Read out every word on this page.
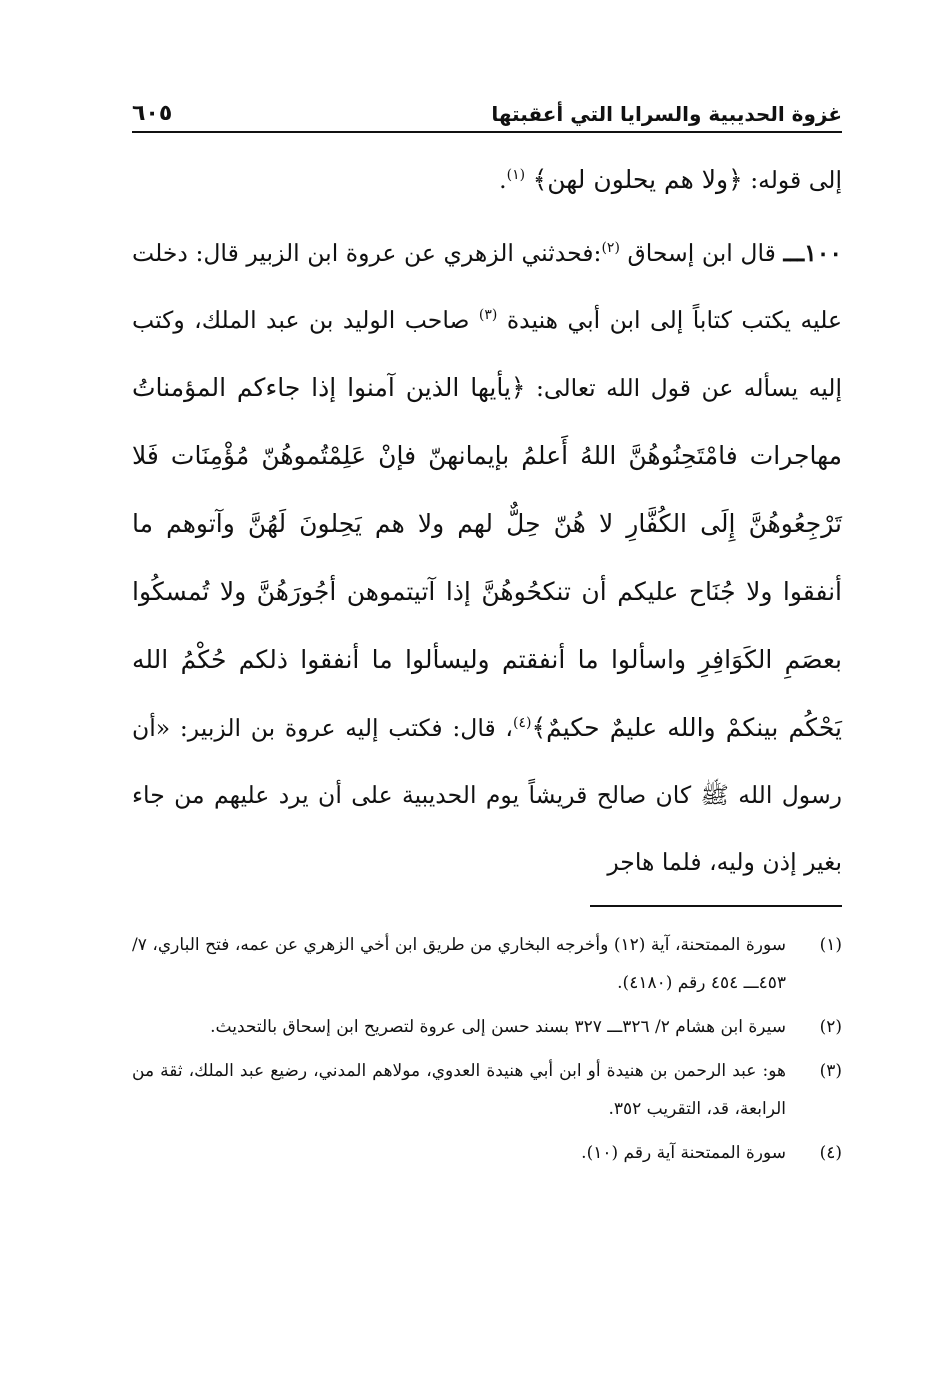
غزوة الحديبية والسرايا التي أعقبتها
٦٠٥

إلى قوله: ﴿ولا هم يحلون لهن﴾ $^{(١)}$.

١٠٠ـــ قال ابن إسحاق $^{(٢)}$:فحدثني الزهري عن عروة ابن الزبير قال: دخلت عليه يكتب كتاباً إلى ابن أبي هنيدة $^{(٣)}$ صاحب الوليد بن عبد الملك، وكتب إليه يسأله عن قول الله تعالى: ﴿يأيها الذين آمنوا إذا جاءكم المؤمناتُ مهاجرات فامْتَحِنُوهُنَّ اللهُ أَعلمُ بإيمانهنّ فإنْ عَلِمْتُموهُنّ مُؤْمِنَات فَلا تَرْجِعُوهُنَّ إِلَى الكُفَّارِ لا هُنّ حِلٌّ لهم ولا هم يَحِلونَ لَهُنَّ وآتوهم ما أنفقوا ولا جُنَاح عليكم أن تنكحُوهُنَّ إذا آتيتموهن أجُورَهُنَّ ولا تُمسكُوا بعصَمِ الكَوَافِرِ واسألوا ما أنفقتم وليسألوا ما أنفقوا ذلكم حُكْمُ الله يَحْكُم بينكمْ والله عليمٌ حكيمٌ﴾$^{(٤)}$، قال: فكتب إليه عروة بن الزبير: «أن رسول الله ﷺ كان صالح قريشاً يوم الحديبية على أن يرد عليهم من جاء بغير إذن وليه، فلما هاجر

(١)
سورة الممتحنة، آية (١٢) وأخرجه البخاري من طريق ابن أخي الزهري عن عمه، فتح الباري، ٧/ ٤٥٣ـــ ٤٥٤ رقم (٤١٨٠).
(٢)
سيرة ابن هشام ٢/ ٣٢٦ـــ ٣٢٧ بسند حسن إلى عروة لتصريح ابن إسحاق بالتحديث.
(٣)
هو: عبد الرحمن بن هنيدة أو ابن أبي هنيدة العدوي، مولاهم المدني، رضيع عبد الملك، ثقة من الرابعة، قد، التقريب ٣٥٢.
(٤)
سورة الممتحنة آية رقم (١٠).
